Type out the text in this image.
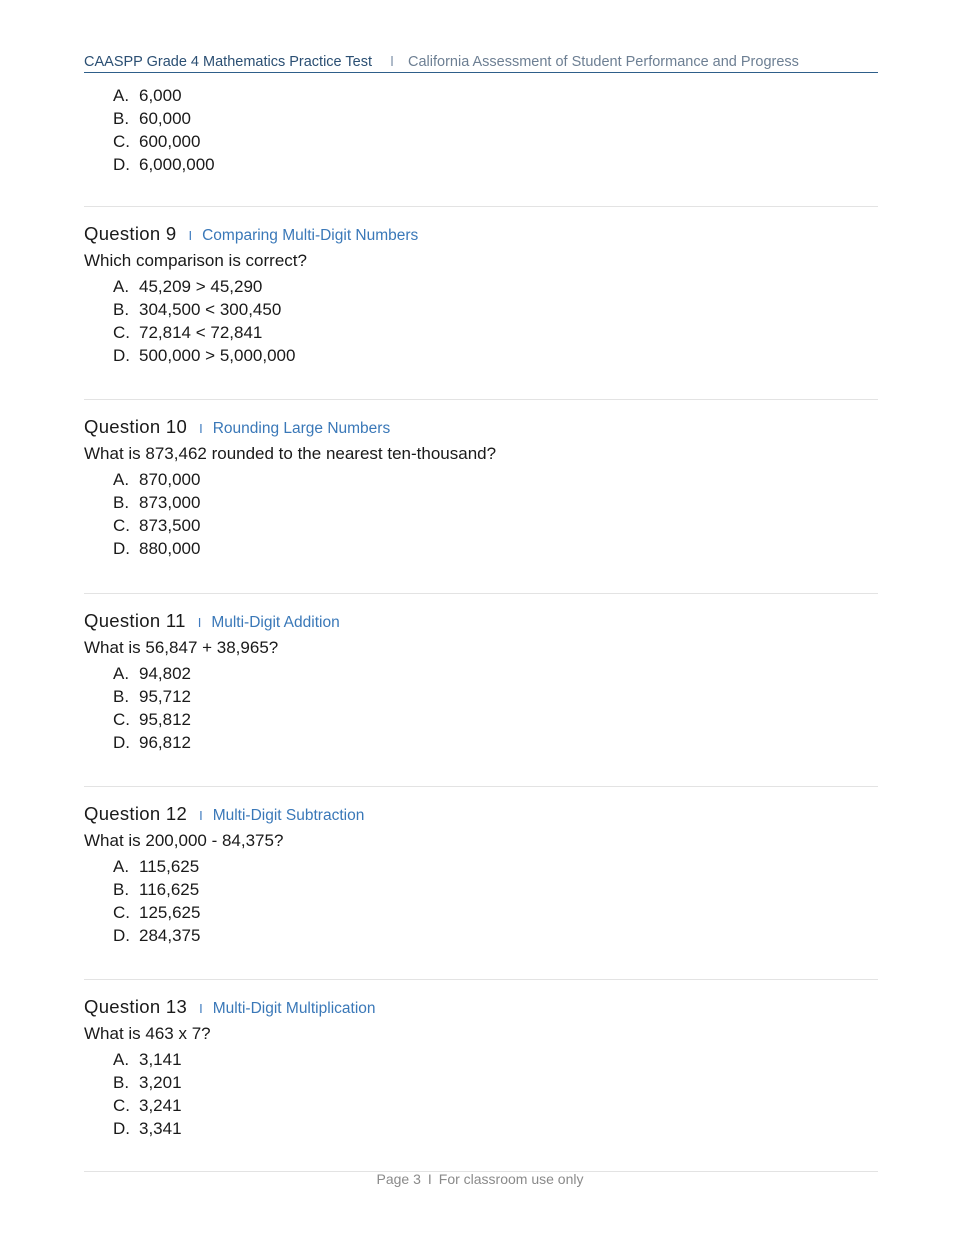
CAASPP Grade 4 Mathematics Practice Test I California Assessment of Student Performance and Progress
A. 6,000
B. 60,000
C. 600,000
D. 6,000,000
Question 9 I Comparing Multi-Digit Numbers
Which comparison is correct?
A. 45,209 > 45,290
B. 304,500 < 300,450
C. 72,814 < 72,841
D. 500,000 > 5,000,000
Question 10 I Rounding Large Numbers
What is 873,462 rounded to the nearest ten-thousand?
A. 870,000
B. 873,000
C. 873,500
D. 880,000
Question 11 I Multi-Digit Addition
What is 56,847 + 38,965?
A. 94,802
B. 95,712
C. 95,812
D. 96,812
Question 12 I Multi-Digit Subtraction
What is 200,000 - 84,375?
A. 115,625
B. 116,625
C. 125,625
D. 284,375
Question 13 I Multi-Digit Multiplication
What is 463 x 7?
A. 3,141
B. 3,201
C. 3,241
D. 3,341
Page 3 I For classroom use only
